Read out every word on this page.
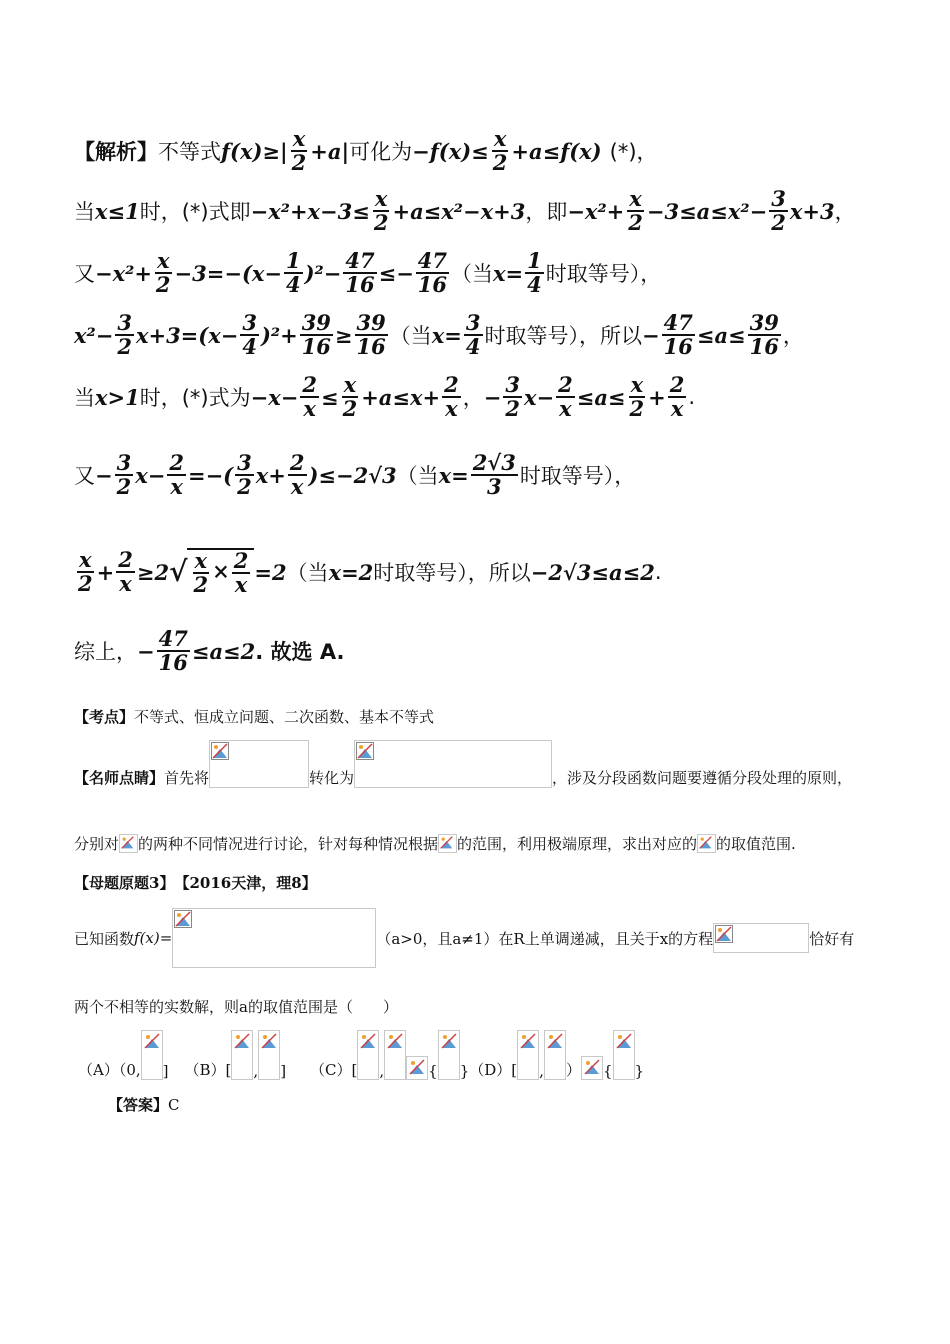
【解析】 不等式 $f(x)\ge| \frac{x}{2} +a|$ 可化为 $-f(x)\le \frac{x}{2} +a\le f(x)$ (*)，
当 x≤1 时，(*)式即 $-x^2+x-3\le \frac{x}{2} +a\le x^2-x+3$ ，即 $-x^2+ \frac{x}{2} -3\le a\le x^2- \frac{3}{2} x+3$ ，
又 $-x^2+ \frac{x}{2} -3=-(x- \frac{1}{4} )^2- \frac{47}{16} \le- \frac{47}{16}$ （当 $x= \frac{1}{4}$ 时取等号），
$x^2- \frac{3}{2} x+3=(x- \frac{3}{4} )^2+ \frac{39}{16} \ge \frac{39}{16}$ （当 $x= \frac{3}{4}$ 时取等号），所以 − $\frac{47}{16} \le a\le \frac{39}{16}$ ，
当 x>1 时，(*)式为 $-x- \frac{2}{x} \le \frac{x}{2} +a\le x+ \frac{2}{x}$ ， − $\frac{3}{2} x- \frac{2}{x} \le a\le \frac{x}{2} + \frac{2}{x}$ .
又 − $\frac{3}{2} x- \frac{2}{x}$ =−( $\frac{3}{2} x+ \frac{2}{x} )\le-2√3$ （当 $x= \frac{2√3}{3}$ 时取等号），
$\frac{x}{2} + \frac{2}{x} \ge 2$ √ $\frac{x}{2} \times \frac{2}{x} =2$ （当 x=2 时取等号），所以 −2√3≤a≤2 .
综上， − $\frac{47}{16} \le a\le 2$ . 故选 A.
【考点】 不等式、恒成立问题、二次函数、基本不等式
【名师点睛】 首先将	转化为	，涉及分段函数问题要遵循分段处理的原则，
分别对 的两种不同情况进行讨论，针对每种情况根据 的范围，利用极端原理，求出对应的 的取值范围.
【母题原题3】 【2016天津，理8】
已知函数 f(x)=	（a>0，且a≠1）在R上单调递减，且关于x的方程	恰好有
两个不相等的实数解，则a的取值范围是（　　）
（A）（0, ] （B）[ , ] （C）[ ,	{ } （D）[ , ） { }
【答案】 C
